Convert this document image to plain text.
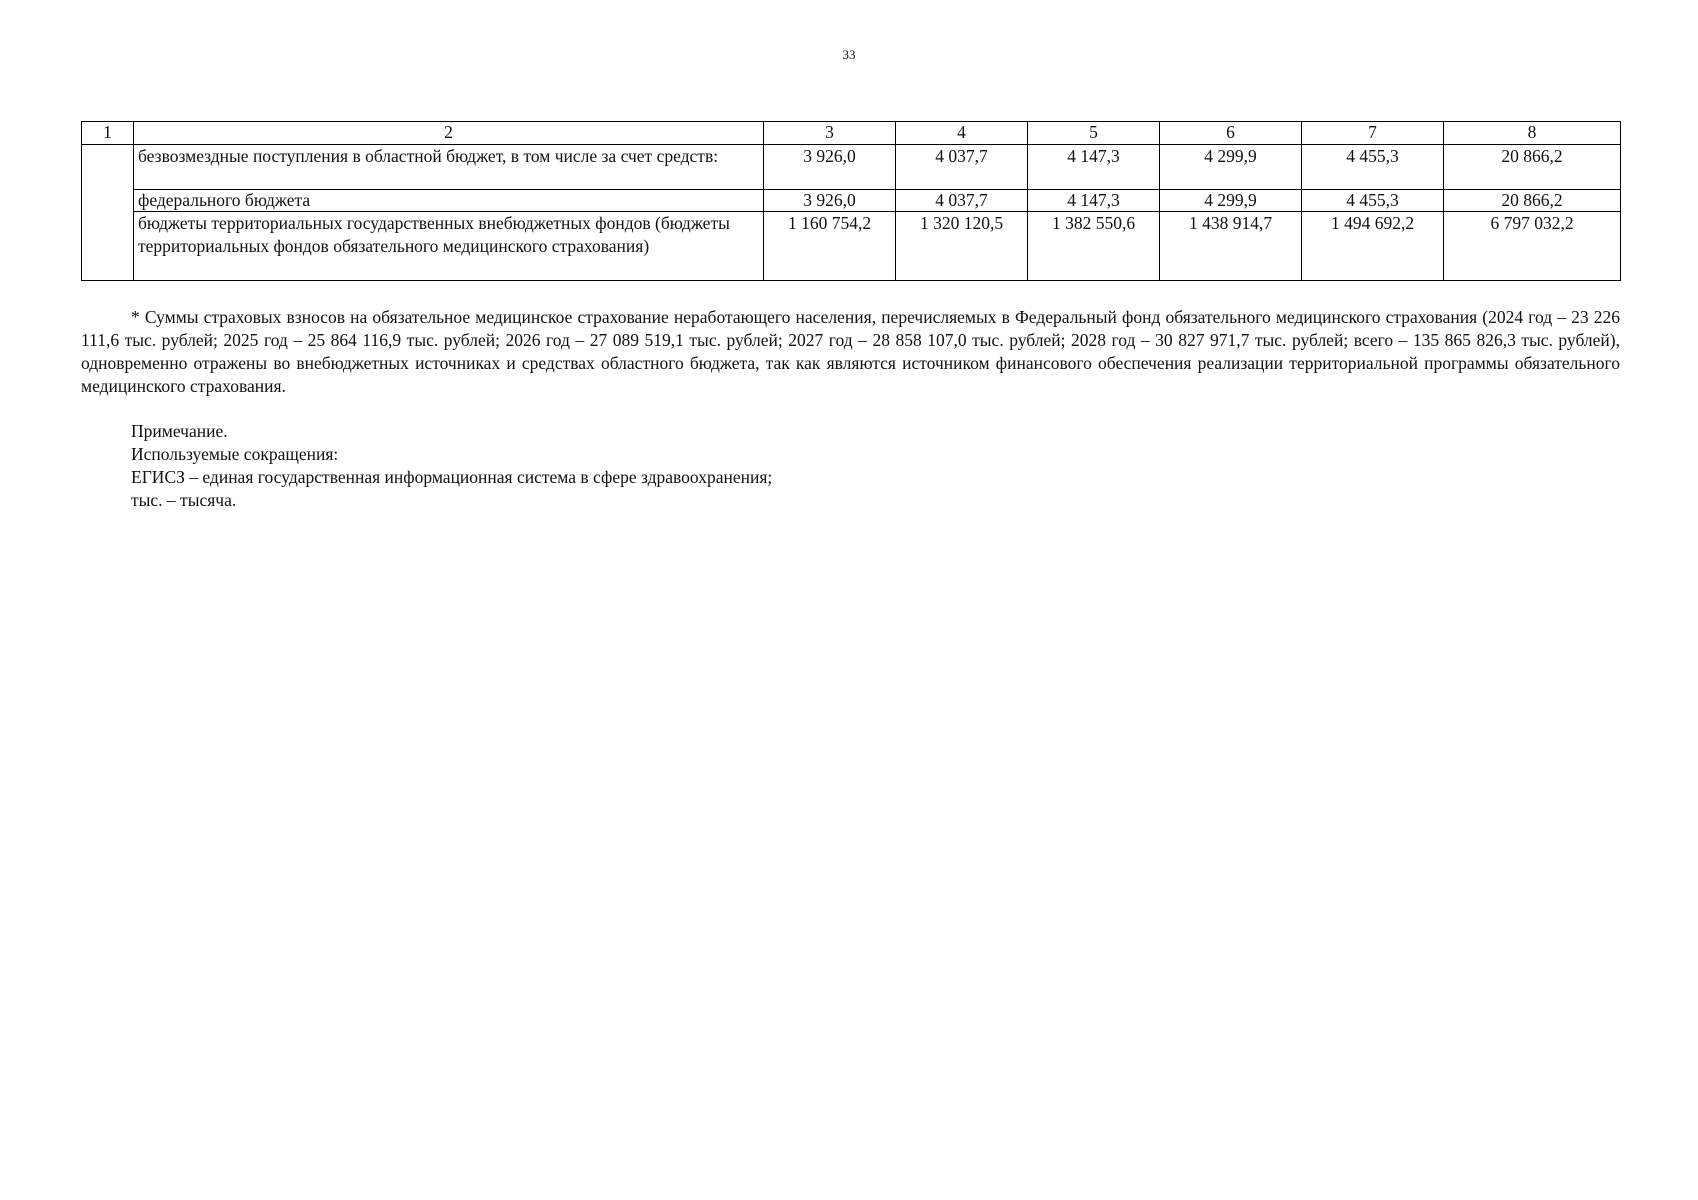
33
1	2	3	4	5	6	7	8
	безвозмездные поступления в областной бюджет, в том числе за счет средств:	3 926,0	4 037,7	4 147,3	4 299,9	4 455,3	20 866,2
	федерального бюджета	3 926,0	4 037,7	4 147,3	4 299,9	4 455,3	20 866,2
	бюджеты территориальных государственных внебюджетных фондов (бюджеты территориальных фондов обязательного медицинского страхования)	1 160 754,2	1 320 120,5	1 382 550,6	1 438 914,7	1 494 692,2	6 797 032,2

* Суммы страховых взносов на обязательное медицинское страхование неработающего населения, перечисляемых в Федеральный фонд обязательного медицинского страхования (2024 год – 23 226 111,6 тыс. рублей; 2025 год – 25 864 116,9 тыс. рублей; 2026 год – 27 089 519,1 тыс. рублей; 2027 год – 28 858 107,0 тыс. рублей; 2028 год – 30 827 971,7 тыс. рублей; всего – 135 865 826,3 тыс. рублей), одновременно отражены во внебюджетных источниках и средствах областного бюджета, так как являются источником финансового обеспечения реализации территориальной программы обязательного медицинского страхования.

Примечание.
Используемые сокращения:
ЕГИСЗ – единая государственная информационная система в сфере здравоохранения;
тыс. – тысяча.
